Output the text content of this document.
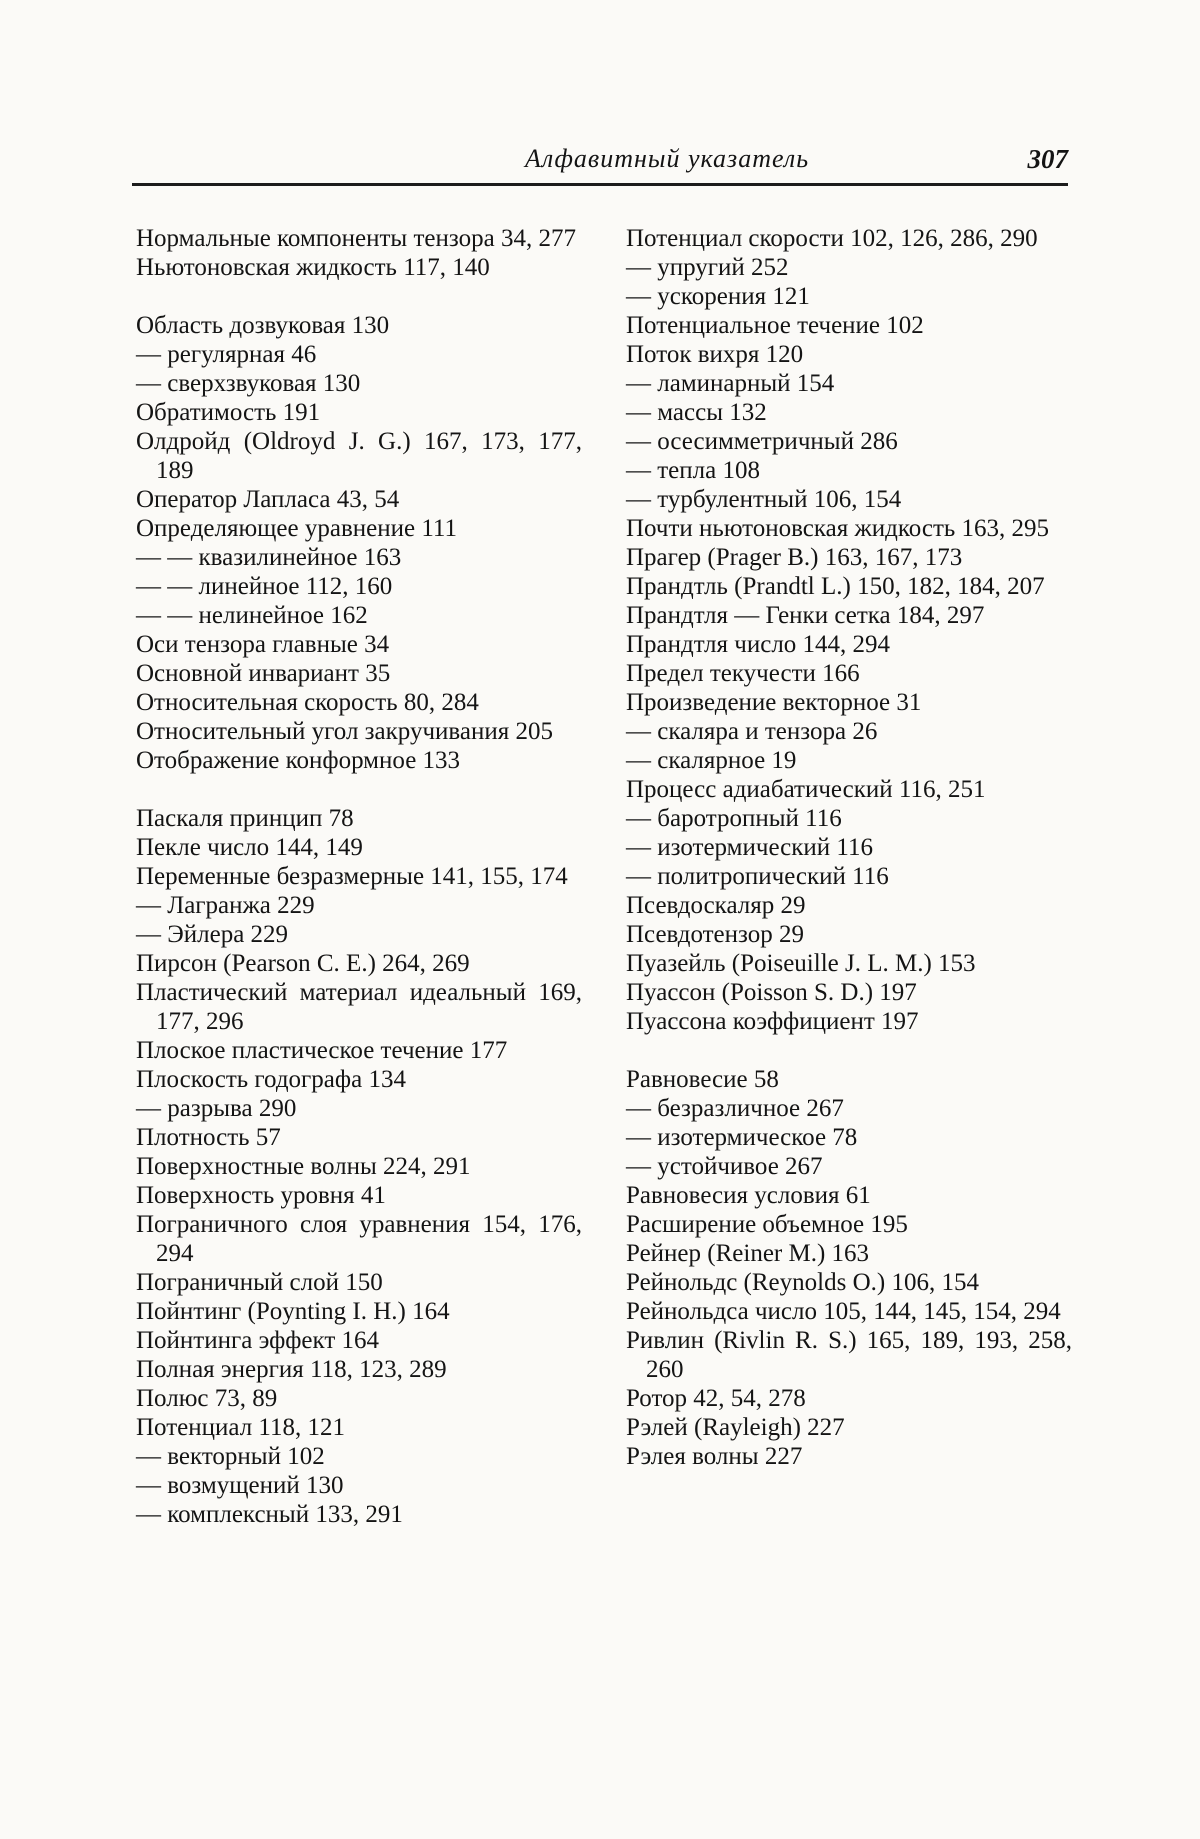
Алфавитный указатель	307
Нормальные компоненты тензора 34, 277
Ньютоновская жидкость 117, 140
Область дозвуковая 130
— регулярная 46
— сверхзвуковая 130
Обратимость 191
Олдройд (Oldroyd J. G.) 167, 173, 177, 189
Оператор Лапласа 43, 54
Определяющее уравнение 111
— — квазилинейное 163
— — линейное 112, 160
— — нелинейное 162
Оси тензора главные 34
Основной инвариант 35
Относительная скорость 80, 284
Относительный угол закручивания 205
Отображение конформное 133
Паскаля принцип 78
Пекле число 144, 149
Переменные безразмерные 141, 155, 174
— Лагранжа 229
— Эйлера 229
Пирсон (Pearson C. E.) 264, 269
Пластический материал идеальный 169, 177, 296
Плоское пластическое течение 177
Плоскость годографа 134
— разрыва 290
Плотность 57
Поверхностные волны 224, 291
Поверхность уровня 41
Пограничного слоя уравнения 154, 176, 294
Пограничный слой 150
Пойнтинг (Poynting I. H.) 164
Пойнтинга эффект 164
Полная энергия 118, 123, 289
Полюс 73, 89
Потенциал 118, 121
— векторный 102
— возмущений 130
— комплексный 133, 291
Потенциал скорости 102, 126, 286, 290
— упругий 252
— ускорения 121
Потенциальное течение 102
Поток вихря 120
— ламинарный 154
— массы 132
— осесимметричный 286
— тепла 108
— турбулентный 106, 154
Почти ньютоновская жидкость 163, 295
Прагер (Prager B.) 163, 167, 173
Прандтль (Prandtl L.) 150, 182, 184, 207
Прандтля — Генки сетка 184, 297
Прандтля число 144, 294
Предел текучести 166
Произведение векторное 31
— скаляра и тензора 26
— скалярное 19
Процесс адиабатический 116, 251
— баротропный 116
— изотермический 116
— политропический 116
Псевдоскаляр 29
Псевдотензор 29
Пуазейль (Poiseuille J. L. M.) 153
Пуассон (Poisson S. D.) 197
Пуассона коэффициент 197
Равновесие 58
— безразличное 267
— изотермическое 78
— устойчивое 267
Равновесия условия 61
Расширение объемное 195
Рейнер (Reiner M.) 163
Рейнольдс (Reynolds O.) 106, 154
Рейнольдса число 105, 144, 145, 154, 294
Ривлин (Rivlin R. S.) 165, 189, 193, 258, 260
Ротор 42, 54, 278
Рэлей (Rayleigh) 227
Рэлея волны 227
